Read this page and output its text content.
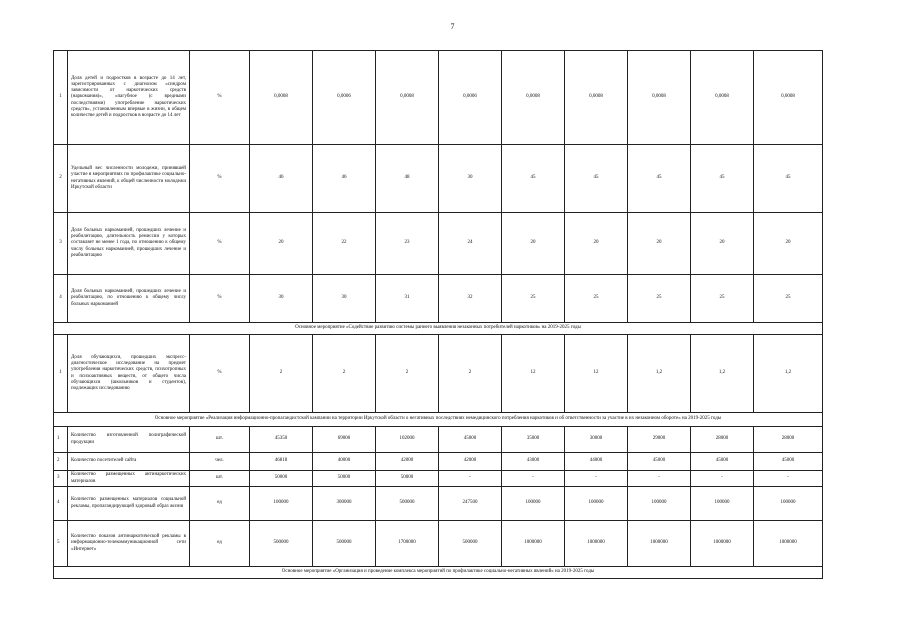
7
1	Доля детей и подростков в возрасте до 14 лет, зарегистрированных с диагнозом «синдром зависимости от наркотических средств (наркомания)», «пагубное (с вредными последствиями) употребление наркотических средств», установленным впервые в жизни, в общем количестве детей и подростков в возрасте до 14 лет	%	0,0008	0,0006	0,0008	0,0006	0,0008	0,0008	0,0008	0,0008	0,0008
2	Удельный вес численности молодежи, принявшей участие в мероприятиях по профилактике социально-негативных явлений, к общей численности молодежи Иркутской области	%	46	46	48	30	45	45	45	45	45
3	Доля больных наркоманией, прошедших лечение и реабилитацию, длительность ремиссии у которых составляет не менее 1 года, по отношению к общему числу больных наркоманией, прошедших лечение и реабилитацию	%	20	22	23	24	20	20	20	20	20
4	Доля больных наркоманией, прошедших лечение и реабилитацию, по отношению к общему числу больных наркоманией	%	30	30	31	32	25	25	25	25	25
Основное мероприятие «Содействие развитию системы раннего выявления незаконных потребителей наркотиков» на 2019-2025 годы											
1	Доля обучающихся, прошедших экспресс-диагностическое исследование на предмет употребления наркотических средств, психотропных и психоактивных веществ, от общего числа обучающихся (школьников и студентов), подлежащих исследованию	%	2	2	2	2	12	12	1,2	1,2	1,2
Основное мероприятие «Реализация информационно-пропагандистской кампании на территории Иркутской области о негативных последствиях немедицинского потребления наркотиков и об ответственности за участие в их незаконном обороте» на 2019-2025 годы											
1	Количество изготовленной полиграфической продукции	шт.	45350	69000	102000	45000	35000	30000	29000	28000	28000
2	Количество посетителей сайта	чел.	46818	40000	42000	42000	43000	44000	45000	45000	45000
3	Количество размещенных антинаркотических материалов	шт.	50000	50000	50000	-	-	-	-	-	-
4	Количество размещенных материалов социальной рекламы, пропагандирующей здоровый образ жизни	ед	100000	300000	500000	247500	100000	100000	100000	100000	100000
5	Количество показов антинаркотической рекламы в информационно-телекоммуникационной сети «Интернет»	ед	500000	500000	1700000	500000	1000000	1000000	1000000	1000000	1000000
Основное мероприятие «Организация и проведение комплекса мероприятий по профилактике социально-негативных явлений» на 2019-2025 годы											
